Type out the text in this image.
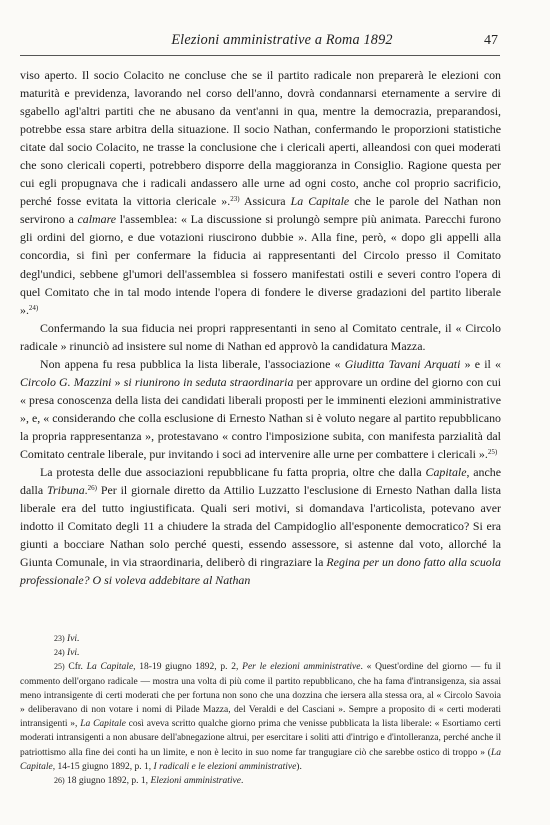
Elezioni amministrative a Roma 1892	47

viso aperto. Il socio Colacito ne concluse che se il partito radicale non preparerà le elezioni con maturità e previdenza, lavorando nel corso dell'anno, dovrà condannarsi eternamente a servire di sgabello agl'altri partiti che ne abusano da vent'anni in qua, mentre la democrazia, preparandosi, potrebbe essa stare arbitra della situazione. Il socio Nathan, confermando le proporzioni statistiche citate dal socio Colacito, ne trasse la conclusione che i clericali aperti, alleandosi con quei moderati che sono clericali coperti, potrebbero disporre della maggioranza in Consiglio. Ragione questa per cui egli propugnava che i radicali andassero alle urne ad ogni costo, anche col proprio sacrificio, perché fosse evitata la vittoria clericale ».$^{23)}$ Assicura La Capitale che le parole del Nathan non servirono a calmare l'assemblea: « La discussione si prolungò sempre più animata. Parecchi furono gli ordini del giorno, e due votazioni riuscirono dubbie ». Alla fine, però, « dopo gli appelli alla concordia, si finì per confermare la fiducia ai rappresentanti del Circolo presso il Comitato degl'undici, sebbene gl'umori dell'assemblea si fossero manifestati ostili e severi contro l'opera di quel Comitato che in tal modo intende l'opera di fondere le diverse gradazioni del partito liberale ».$^{24)}$

Confermando la sua fiducia nei propri rappresentanti in seno al Comitato centrale, il « Circolo radicale » rinunciò ad insistere sul nome di Nathan ed approvò la candidatura Mazza.

Non appena fu resa pubblica la lista liberale, l'associazione « Giuditta Tavani Arquati » e il « Circolo G. Mazzini » si riunirono in seduta straordinaria per approvare un ordine del giorno con cui « presa conoscenza della lista dei candidati liberali proposti per le imminenti elezioni amministrative », e, « considerando che colla esclusione di Ernesto Nathan si è voluto negare al partito repubblicano la propria rappresentanza », protestavano « contro l'imposizione subita, con manifesta parzialità dal Comitato centrale liberale, pur invitando i soci ad intervenire alle urne per combattere i clericali ».$^{25)}$

La protesta delle due associazioni repubblicane fu fatta propria, oltre che dalla Capitale, anche dalla Tribuna.$^{26)}$ Per il giornale diretto da Attilio Luzzatto l'esclusione di Ernesto Nathan dalla lista liberale era del tutto ingiustificata. Quali seri motivi, si domandava l'articolista, potevano aver indotto il Comitato degli 11 a chiudere la strada del Campidoglio all'esponente democratico? Si era giunti a bocciare Nathan solo perché questi, essendo assessore, si astenne dal voto, allorché la Giunta Comunale, in via straordinaria, deliberò di ringraziare la Regina per un dono fatto alla scuola professionale? O si voleva addebitare al Nathan

23) Ivi.

24) Ivi.

25) Cfr. La Capitale, 18-19 giugno 1892, p. 2, Per le elezioni amministrative. « Quest'ordine del giorno — fu il commento dell'organo radicale — mostra una volta di più come il partito repubblicano, che ha fama d'intransigenza, sia assai meno intransigente di certi moderati che per fortuna non sono che una dozzina che iersera alla stessa ora, al « Circolo Savoia » deliberavano di non votare i nomi di Pilade Mazza, del Veraldi e del Casciani ». Sempre a proposito di « certi moderati intransigenti », La Capitale così aveva scritto qualche giorno prima che venisse pubblicata la lista liberale: « Esortiamo certi moderati intransigenti a non abusare dell'abnegazione altrui, per esercitare i soliti atti d'intrigo e d'intolleranza, perché anche il patriottismo alla fine dei conti ha un limite, e non è lecito in suo nome far trangugiare ciò che sarebbe ostico di troppo » (La Capitale, 14-15 giugno 1892, p. 1, I radicali e le elezioni amministrative).

26) 18 giugno 1892, p. 1, Elezioni amministrative.
